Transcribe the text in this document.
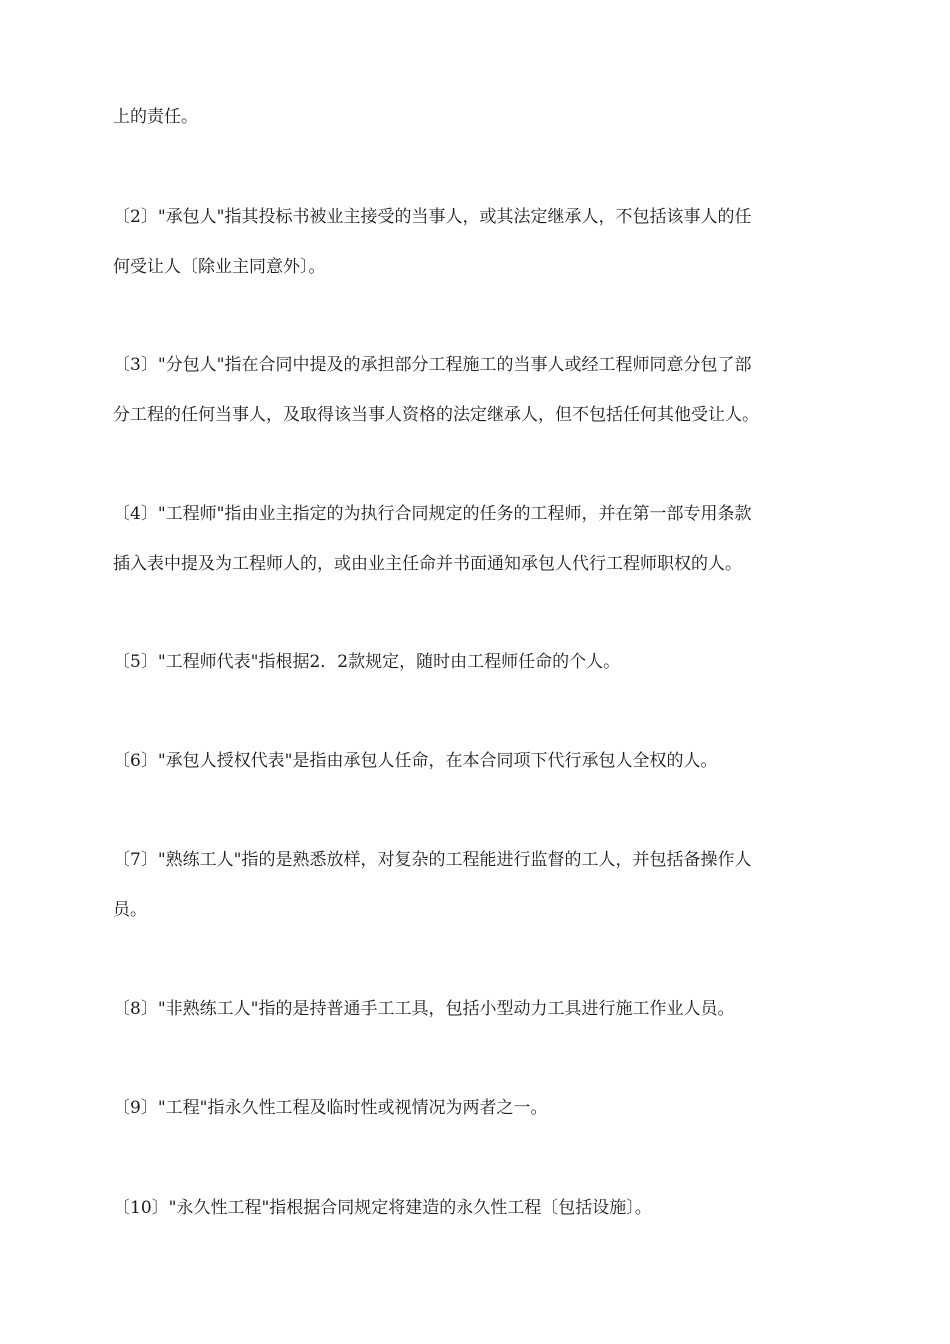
上的责任。
〔2〕"承包人"指其投标书被业主接受的当事人，或其法定继承人，不包括该事人的任
何受让人〔除业主同意外〕。
〔3〕"分包人"指在合同中提及的承担部分工程施工的当事人或经工程师同意分包了部
分工程的任何当事人，及取得该当事人资格的法定继承人，但不包括任何其他受让人。
〔4〕"工程师"指由业主指定的为执行合同规定的任务的工程师，并在第一部专用条款
插入表中提及为工程师人的，或由业主任命并书面通知承包人代行工程师职权的人。
〔5〕"工程师代表"指根据2．2款规定，随时由工程师任命的个人。
〔6〕"承包人授权代表"是指由承包人任命，在本合同项下代行承包人全权的人。
〔7〕"熟练工人"指的是熟悉放样，对复杂的工程能进行监督的工人，并包括备操作人
员。
〔8〕"非熟练工人"指的是持普通手工工具，包括小型动力工具进行施工作业人员。
〔9〕"工程"指永久性工程及临时性或视情况为两者之一。
〔10〕"永久性工程"指根据合同规定将建造的永久性工程〔包括设施〕。
